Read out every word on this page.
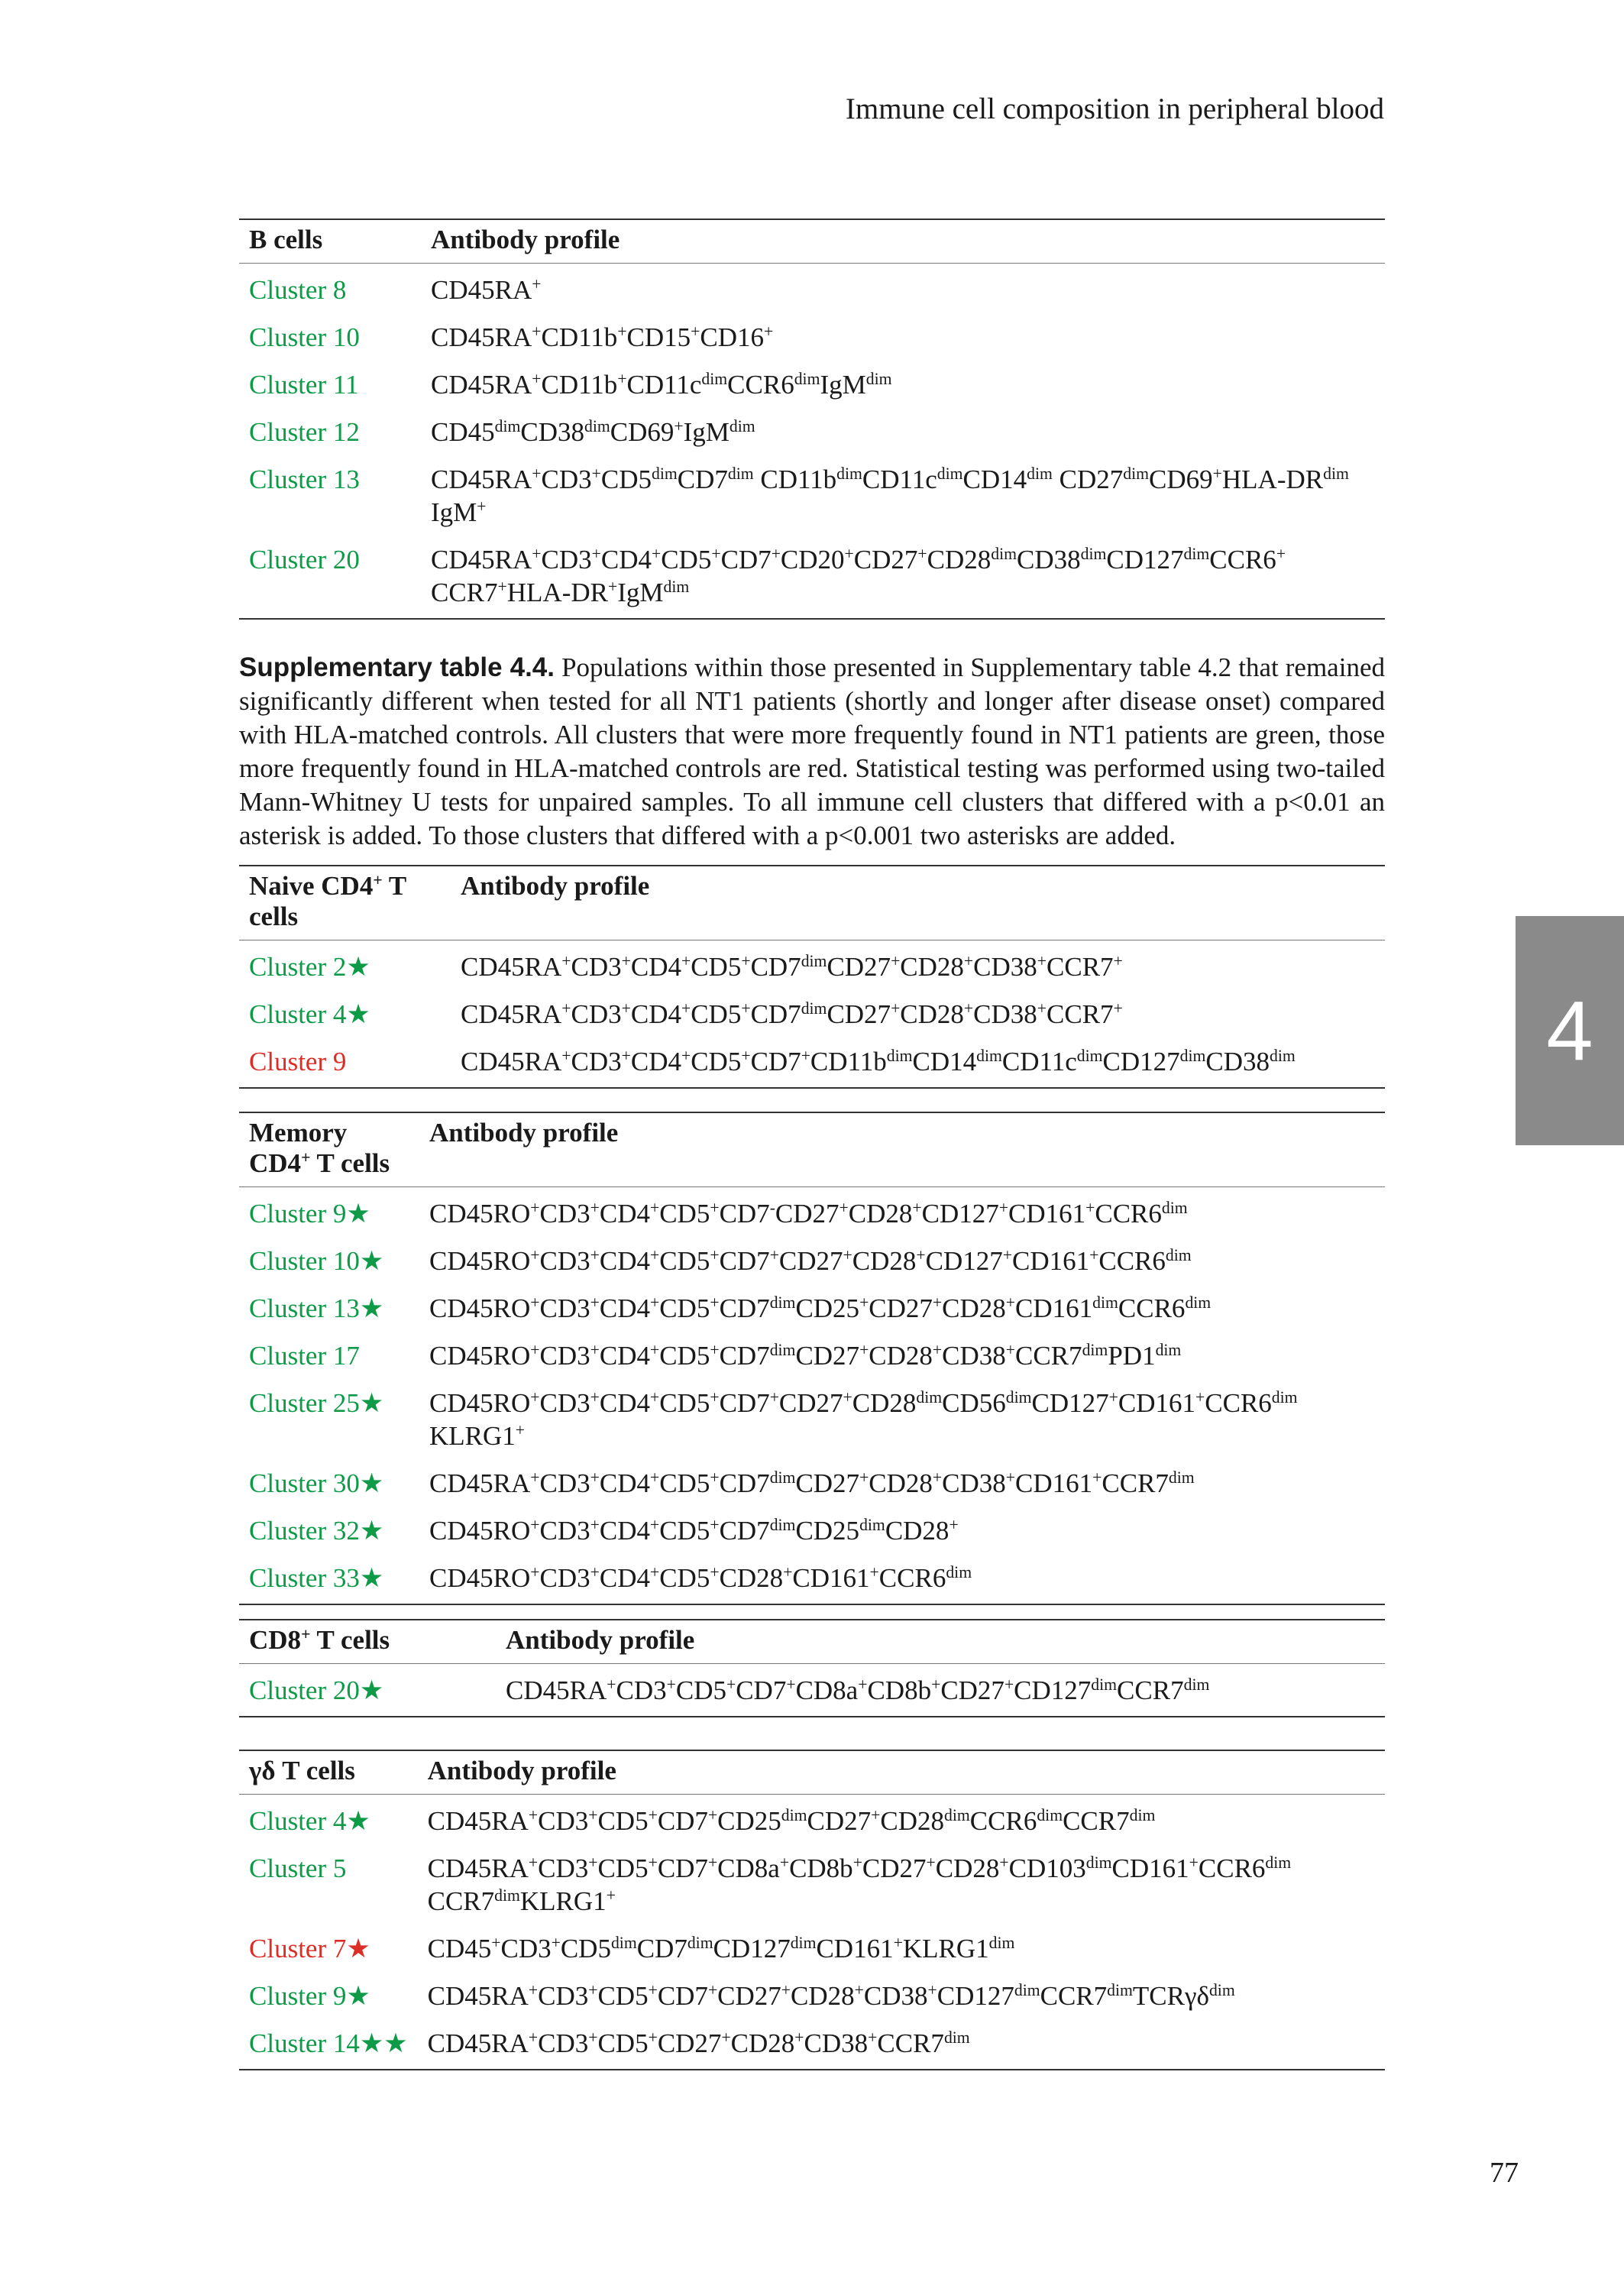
Immune cell composition in peripheral blood
B cells	Antibody profile
Cluster 8	CD45RA+
Cluster 10	CD45RA+CD11b+CD15+CD16+
Cluster 11	$CD45RA^+CD11b^+CD11c^{dim}CCR6^{dim}IgM^{dim}$
Cluster 12	$CD45^{dim}CD38^{dim}CD69^+IgM^{dim}$
Cluster 13	$CD45RA^+CD3^+CD5^{dim}CD7^{dim}$ $CD11b^{dim}CD11c^{dim}CD14^{dim}$ $CD27^{dim}CD69^+HLA-DR^{dim}$ IgM+
Cluster 20	$CD45RA^+CD3^+CD4^+CD5^+CD7^+CD20^+CD27^+CD28^{dim}CD38^{dim}CD127^{dim}CCR6^+$ CCR7+HLA-DR+IgM$^{dim}$
Supplementary table 4.4. Populations within those presented in Supplementary table 4.2 that remained significantly different when tested for all NT1 patients (shortly and longer after disease onset) compared with HLA-matched controls. All clusters that were more frequently found in NT1 patients are green, those more frequently found in HLA-matched controls are red. Statistical testing was performed using two-tailed Mann-Whitney U tests for unpaired samples. To all immune cell clusters that differed with a p<0.01 an asterisk is added. To those clusters that differed with a p<0.001 two asterisks are added.
Naive CD4+ T cells	Antibody profile
Cluster 2★	$CD45RA^+CD3^+CD4^+CD5^+CD7^{dim}CD27^+CD28^+CD38^+CCR7^+$
Cluster 4★	$CD45RA^+CD3^+CD4^+CD5^+CD7^{dim}CD27^+CD28^+CD38^+CCR7^+$
Cluster 9	$CD45RA^+CD3^+CD4^+CD5^+CD7^+CD11b^{dim}CD14^{dim}CD11c^{dim}CD127^{dim}CD38^{dim}$
Memory CD4+ T cells	Antibody profile
Cluster 9★	$CD45RO^+CD3^+CD4^+CD5^+CD7^-CD27^+CD28^+CD127^+CD161^+CCR6^{dim}$
Cluster 10★	$CD45RO^+CD3^+CD4^+CD5^+CD7^+CD27^+CD28^+CD127^+CD161^+CCR6^{dim}$
Cluster 13★	$CD45RO^+CD3^+CD4^+CD5^+CD7^{dim}CD25^+CD27^+CD28^+CD161^{dim}CCR6^{dim}$
Cluster 17	$CD45RO^+CD3^+CD4^+CD5^+CD7^{dim}CD27^+CD28^+CD38^+CCR7^{dim}PD1^{dim}$
Cluster 25★	$CD45RO^+CD3^+CD4^+CD5^+CD7^+CD27^+CD28^{dim}CD56^{dim}CD127^+CD161^+CCR6^{dim}$ KLRG1+
Cluster 30★	$CD45RA^+CD3^+CD4^+CD5^+CD7^{dim}CD27^+CD28^+CD38^+CD161^+CCR7^{dim}$
Cluster 32★	$CD45RO^+CD3^+CD4^+CD5^+CD7^{dim}CD25^{dim}CD28^+$
Cluster 33★	$CD45RO^+CD3^+CD4^+CD5^+CD28^+CD161^+CCR6^{dim}$
CD8+ T cells	Antibody profile
Cluster 20★	$CD45RA^+CD3^+CD5^+CD7^+CD8a^+CD8b^+CD27^+CD127^{dim}CCR7^{dim}$
γδ T cells	Antibody profile
Cluster 4★	$CD45RA^+CD3^+CD5^+CD7^+CD25^{dim}CD27^+CD28^{dim}CCR6^{dim}CCR7^{dim}$
Cluster 5	$CD45RA^+CD3^+CD5^+CD7^+CD8a^+CD8b^+CD27^+CD28^+CD103^{dim}CD161^+CCR6^{dim}$ $CCR7^{dim}KLRG1^+$
Cluster 7★	$CD45^+CD3^+CD5^{dim}CD7^{dim}CD127^{dim}CD161^+KLRG1^{dim}$
Cluster 9★	$CD45RA^+CD3^+CD5^+CD7^+CD27^+CD28^+CD38^+CD127^{dim}CCR7^{dim}TCR\gamma\delta^{dim}$
Cluster 14★★	$CD45RA^+CD3^+CD5^+CD27^+CD28^+CD38^+CCR7^{dim}$
4
77
